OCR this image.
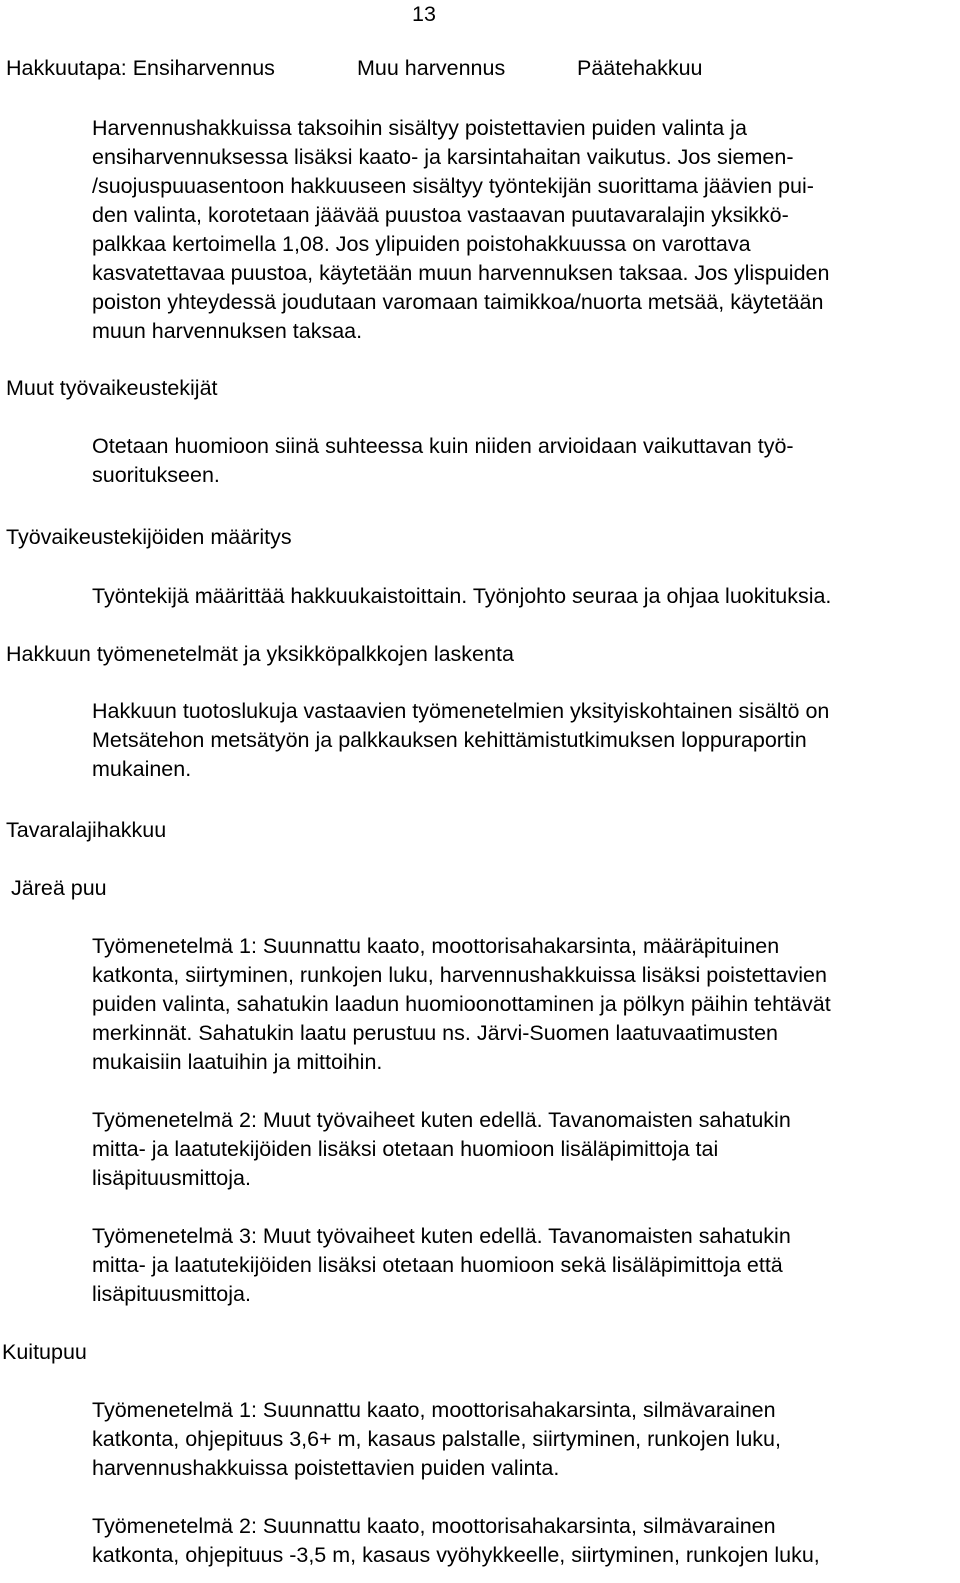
13
Hakkuutapa: Ensiharvennus	Muu harvennus	Päätehakkuu
Harvennushakkuissa taksoihin sisältyy poistettavien puiden valinta ja
ensiharvennuksessa lisäksi kaato- ja karsintahaitan vaikutus. Jos siemen-
/suojuspuuasentoon hakkuuseen sisältyy työntekijän suorittama jäävien pui-
den valinta, korotetaan jäävää puustoa vastaavan puutavaralajin yksikkö-
palkkaa kertoimella 1,08. Jos ylipuiden poistohakkuussa on varottava
kasvatettavaa puustoa, käytetään muun harvennuksen taksaa. Jos ylispuiden
poiston yhteydessä joudutaan varomaan taimikkoa/nuorta metsää, käytetään
muun harvennuksen taksaa.
Muut työvaikeustekijät
Otetaan huomioon siinä suhteessa kuin niiden arvioidaan vaikuttavan työ-
suoritukseen.
Työvaikeustekijöiden määritys
Työntekijä määrittää hakkuukaistoittain. Työnjohto seuraa ja ohjaa luokituksia.
Hakkuun työmenetelmät ja yksikköpalkkojen laskenta
Hakkuun tuotoslukuja vastaavien työmenetelmien yksityiskohtainen sisältö on
Metsätehon metsätyön ja palkkauksen kehittämistutkimuksen loppuraportin
mukainen.
Tavaralajihakkuu
Järeä puu
Työmenetelmä 1: Suunnattu kaato, moottorisahakarsinta, määräpituinen
katkonta, siirtyminen, runkojen luku, harvennushakkuissa lisäksi poistettavien
puiden valinta, sahatukin laadun huomioonottaminen ja pölkyn päihin tehtävät
merkinnät. Sahatukin laatu perustuu ns. Järvi-Suomen laatuvaatimusten
mukaisiin laatuihin ja mittoihin.
Työmenetelmä 2: Muut työvaiheet kuten edellä. Tavanomaisten sahatukin
mitta- ja laatutekijöiden lisäksi otetaan huomioon lisäläpimittoja tai
lisäpituusmittoja.
Työmenetelmä 3: Muut työvaiheet kuten edellä. Tavanomaisten sahatukin
mitta- ja laatutekijöiden lisäksi otetaan huomioon sekä lisäläpimittoja että
lisäpituusmittoja.
Kuitupuu
Työmenetelmä 1: Suunnattu kaato, moottorisahakarsinta, silmävarainen
katkonta, ohjepituus 3,6+ m, kasaus palstalle, siirtyminen, runkojen luku,
harvennushakkuissa poistettavien puiden valinta.
Työmenetelmä 2: Suunnattu kaato, moottorisahakarsinta, silmävarainen
katkonta, ohjepituus -3,5 m, kasaus vyöhykkeelle, siirtyminen, runkojen luku,
